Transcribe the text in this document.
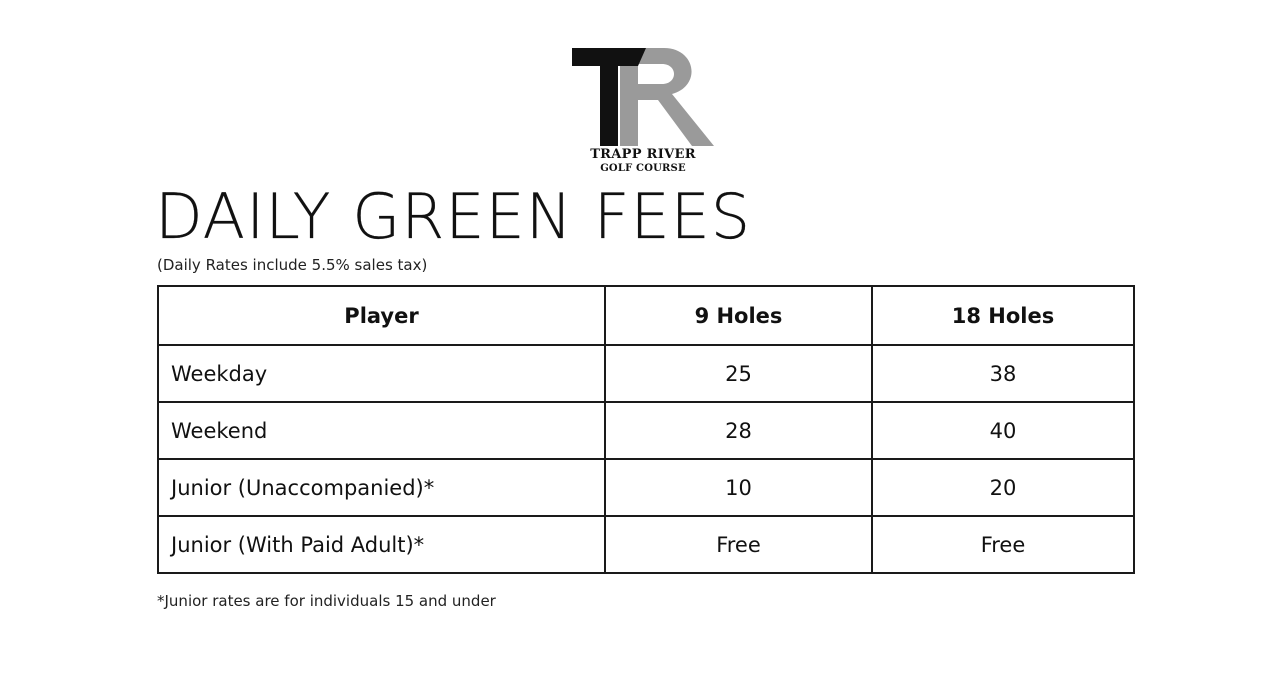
TRAPP RIVER
GOLF COURSE
DAILY GREEN FEES
(Daily Rates include 5.5% sales tax)
Player	9 Holes	18 Holes
Weekday	25	38
Weekend	28	40
Junior (Unaccompanied)*	10	20
Junior (With Paid Adult)*	Free	Free
*Junior rates are for individuals 15 and under
